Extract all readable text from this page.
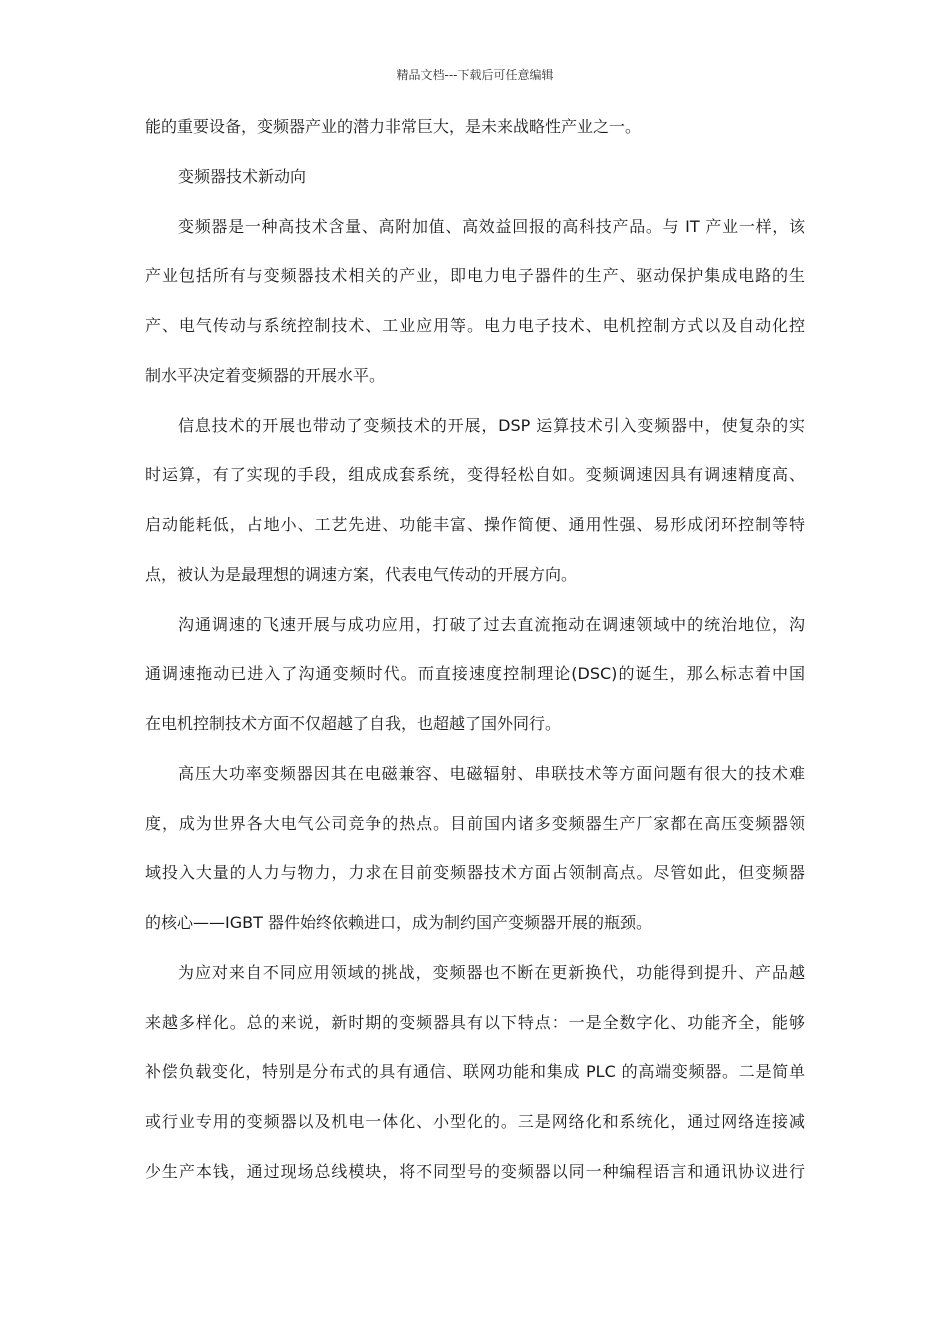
精品文档---下载后可任意编辑
能的重要设备，变频器产业的潜力非常巨大，是未来战略性产业之一。
变频器技术新动向
变频器是一种高技术含量、高附加值、高效益回报的高科技产品。与 IT 产业一样，该
产业包括所有与变频器技术相关的产业，即电力电子器件的生产、驱动保护集成电路的生
产、电气传动与系统控制技术、工业应用等。电力电子技术、电机控制方式以及自动化控
制水平决定着变频器的开展水平。
信息技术的开展也带动了变频技术的开展，DSP 运算技术引入变频器中，使复杂的实
时运算，有了实现的手段，组成成套系统，变得轻松自如。变频调速因具有调速精度高、
启动能耗低，占地小、工艺先进、功能丰富、操作简便、通用性强、易形成闭环控制等特
点，被认为是最理想的调速方案，代表电气传动的开展方向。
沟通调速的飞速开展与成功应用，打破了过去直流拖动在调速领域中的统治地位，沟
通调速拖动已进入了沟通变频时代。而直接速度控制理论(DSC)的诞生，那么标志着中国
在电机控制技术方面不仅超越了自我，也超越了国外同行。
高压大功率变频器因其在电磁兼容、电磁辐射、串联技术等方面问题有很大的技术难
度，成为世界各大电气公司竞争的热点。目前国内诸多变频器生产厂家都在高压变频器领
域投入大量的人力与物力，力求在目前变频器技术方面占领制高点。尽管如此，但变频器
的核心——IGBT 器件始终依赖进口，成为制约国产变频器开展的瓶颈。
为应对来自不同应用领域的挑战，变频器也不断在更新换代，功能得到提升、产品越
来越多样化。总的来说，新时期的变频器具有以下特点：一是全数字化、功能齐全，能够
补偿负载变化，特别是分布式的具有通信、联网功能和集成 PLC 的高端变频器。二是简单
或行业专用的变频器以及机电一体化、小型化的。三是网络化和系统化，通过网络连接减
少生产本钱，通过现场总线模块，将不同型号的变频器以同一种编程语言和通讯协议进行
